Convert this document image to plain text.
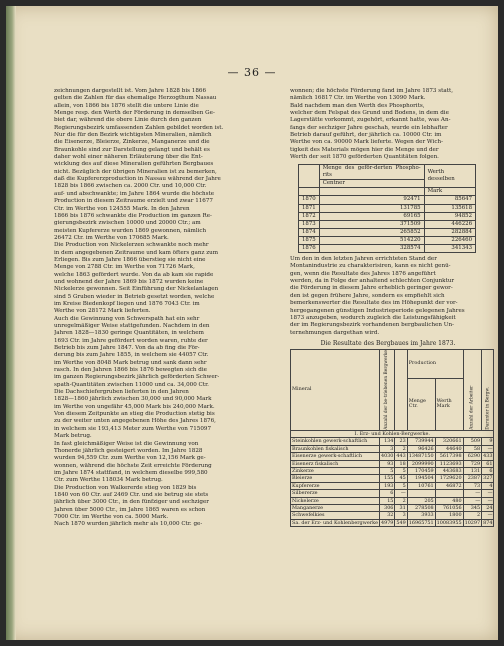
— 36 —
zeichnungen dargestellt ist. Vom Jahre 1828 bis 1866
gelten die Zahlen für das ehemalige Herzogthum Nassau
allein, von 1866 bis 1876 stellt die untere Linie die
Menge resp. den Werth der Förderung in demselben Ge-
biet dar, während die obere Linie durch den ganzen
Regierungsbezirk umfassenden Zahlen gebildet worden ist.
Nur die für den Bezirk wichtigsten Mineralien, nämlich
die Eisenerze, Bleierze, Zinkerze, Manganerze und die
Braunkohle sind zur Darstellung gelangt und behält es
daher wohl einer näheren Erläuterung über die Ent-
wicklung des auf diese Mineralien geführten Bergbaues
nicht. Bezüglich der übrigen Mineralien ist zu bemerken,
daß die Kupfererzproduction in Nassau während der Jahre
1828 bis 1866 zwischen ca. 2000 Ctr. und 10,000 Ctr.
auf- und abschwankte; im Jahre 1864 wurde die höchste
Production in diesem Zeitraume erzielt und zwar 11677
Ctr. im Werthe von 124555 Mark. In den Jahren
1866 bis 1876 schwankte die Production im ganzen Re-
gierungsbezirk zwischen 10000 und 20000 Ctr.; am
meisten Kupfererze wurden 1869 gewonnen, nämlich
26472 Ctr. im Werthe von 170685 Mark.
Die Production von Nickelerzen schwankte noch mehr
in dem angegebenen Zeitraume und kam öfters ganz zum
Erliegen. Bis zum Jahre 1866 überstieg sie nicht eine
Menge von 2788 Ctr. im Werthe von 71726 Mark,
welche 1863 gefördert wurde. Von da ab kam sie rapide
und wohnend der Jahre 1869 bis 1872 wurden keine
Nickelerze gewonnen. Seit Einführung der Nickelanlagen
sind 5 Gruben wieder in Betrieb gesetzt worden, welche
im Kreise Biedenkopf liegen und 1876 7043 Ctr. im
Werthe von 28172 Mark lieferten.
Auch die Gewinnung von Schwerspath hat ein sehr
unregelmäßiger Weise stattgefunden. Nachdem in den
Jahren 1828—1830 geringe Quantitäten, in welchem
1693 Ctr. im Jahre gefördert worden waren, ruhte der
Betrieb bis zum Jahre 1847. Von da ab fing die För-
derung bis zum Jahre 1855, in welchem sie 44057 Ctr.
im Werthe von 8048 Mark betrug und sank dann sehr
rasch. In den Jahren 1866 bis 1876 bewegten sich die
im ganzen Regierungsbezirk jährlich geförderten Schwer-
spath-Quantitäten zwischen 11000 und ca. 34,000 Ctr.
Die Dachschiefergruben lieferten in den Jahren
1828—1860 jährlich zwischen 30,000 und 90,000 Mark
im Werthe von ungefähr 45,000 Mark bis 240,000 Mark.
Von diesem Zeitpunkte an stieg die Production stetig bis
zu der weiter unten angegebenen Höhe des Jahres 1876,
in welchem sie 193,413 Meter zum Werthe von 715097
Mark betrug.
In fast gleichmäßiger Weise ist die Gewinnung von
Thonerde jährlich gesteigert worden. Im Jahre 1828
wurden 94,559 Ctr. zum Werthe von 12,156 Mark ge-
wonnen, während die höchste Zeit erreichte Förderung
im Jahre 1874 stattfand, in welchem dieselbe 999,580
Ctr. zum Werthe 118034 Mark betrug.
Die Production von Walkererde stieg von 1829 bis
1840 von 60 Ctr. auf 2469 Ctr. und sie betrug sie stets
jährlich über 3000 Ctr., in den fünfziger und sechziger
Jahren über 5000 Ctr., im Jahre 1865 waren es schon
7000 Ctr. im Werthe von ca. 5000 Mark.
Nach 1870 wurden jährlich mehr als 10,000 Ctr. ge-
wonnen; die höchste Förderung fand im Jahre 1873 statt,
nämlich 16817 Ctr. im Werthe von 13090 Mark.
Bald nachdem man den Werth des Phosphorits,
welcher dem Felspat des Grund und Bodens, in dem die
Lagerstätte vorkommt, zugehört, erkannt hatte, was An-
fangs der sechziger Jahre geschah, wurde ein lebhafter
Betrieb darauf geführt, der jährlich ca. 10000 Ctr. im
Werthe von ca. 90000 Mark lieferte. Wegen der Wich-
tigkeit des Materials mögen hier die Menge und der
Werth der seit 1870 geförderten Quantitäten folgen.
	Menge des geför-derten Phospho-rits	Werth desselben
	Centner	
		Mark
1870	92471	85647
1871	131785	135618
1872	69165	94852
1873	371509	446226
1874	265852	282884
1875	514220	226460
1876	328574	341343
Um den in den letzten Jahren errichteten Stand der
Montanindustrie zu charakterisiren, kann es nicht genü-
gen, wenn die Resultate des Jahres 1876 angeführt
werden, da in Folge der anhaltend schlechten Conjunktur
die Förderung in diesem Jahre erheblich geringer gewor-
den ist gegen frühere Jahre, sondern es empfiehlt sich
bemerkenswerter die Resultate des im Höhepunkt der vor-
hergegangenen günstigen Industrieperiode gelegenen Jahres
1873 anzugeben, wodurch zugleich die Leistungsfähigkeit
der im Regierungsbezirk vorhandenen bergbaulichen Un-
ternehmungen dargethan wird.
Die Resultate des Bergbaues im Jahre 1873.
Mineral	Anzahl der be-triebenen Bergwerke		Production		Anzahl der Arbeiter	Darunter in Bergw.
			Menge Ctr.	Werth Mark		
I. Erz- und Kohlen-Bergwerke.						
Steinkohlen gewerk-schaftlich	134	23	739944	320661	509	9
Braunkohlen fiskalisch	3	2	96426	44640	58	—
Eisenerze gewerk-schaftlich	4030	443	13487150	5617398	6290	433
Eisenerz fiskalisch	93	18	2099990	1123693	729	61
Zinkerze	5	5	170459	443683	131	6
Bleierze	155	45	194504	1729620	2387	327
Kupfererze	193	5	10761	46872	73	4
Silbererze	6	—			—	—
Nickelerze	15	2	205	480	—	—
Manganerze	306	31	278508	761056	345	24
Schwefelkies	32	3	3933	1800	2	—
Sa. der Erz- und Kohlenbergwerke	4979	549	16965751	10083955	10297	874
